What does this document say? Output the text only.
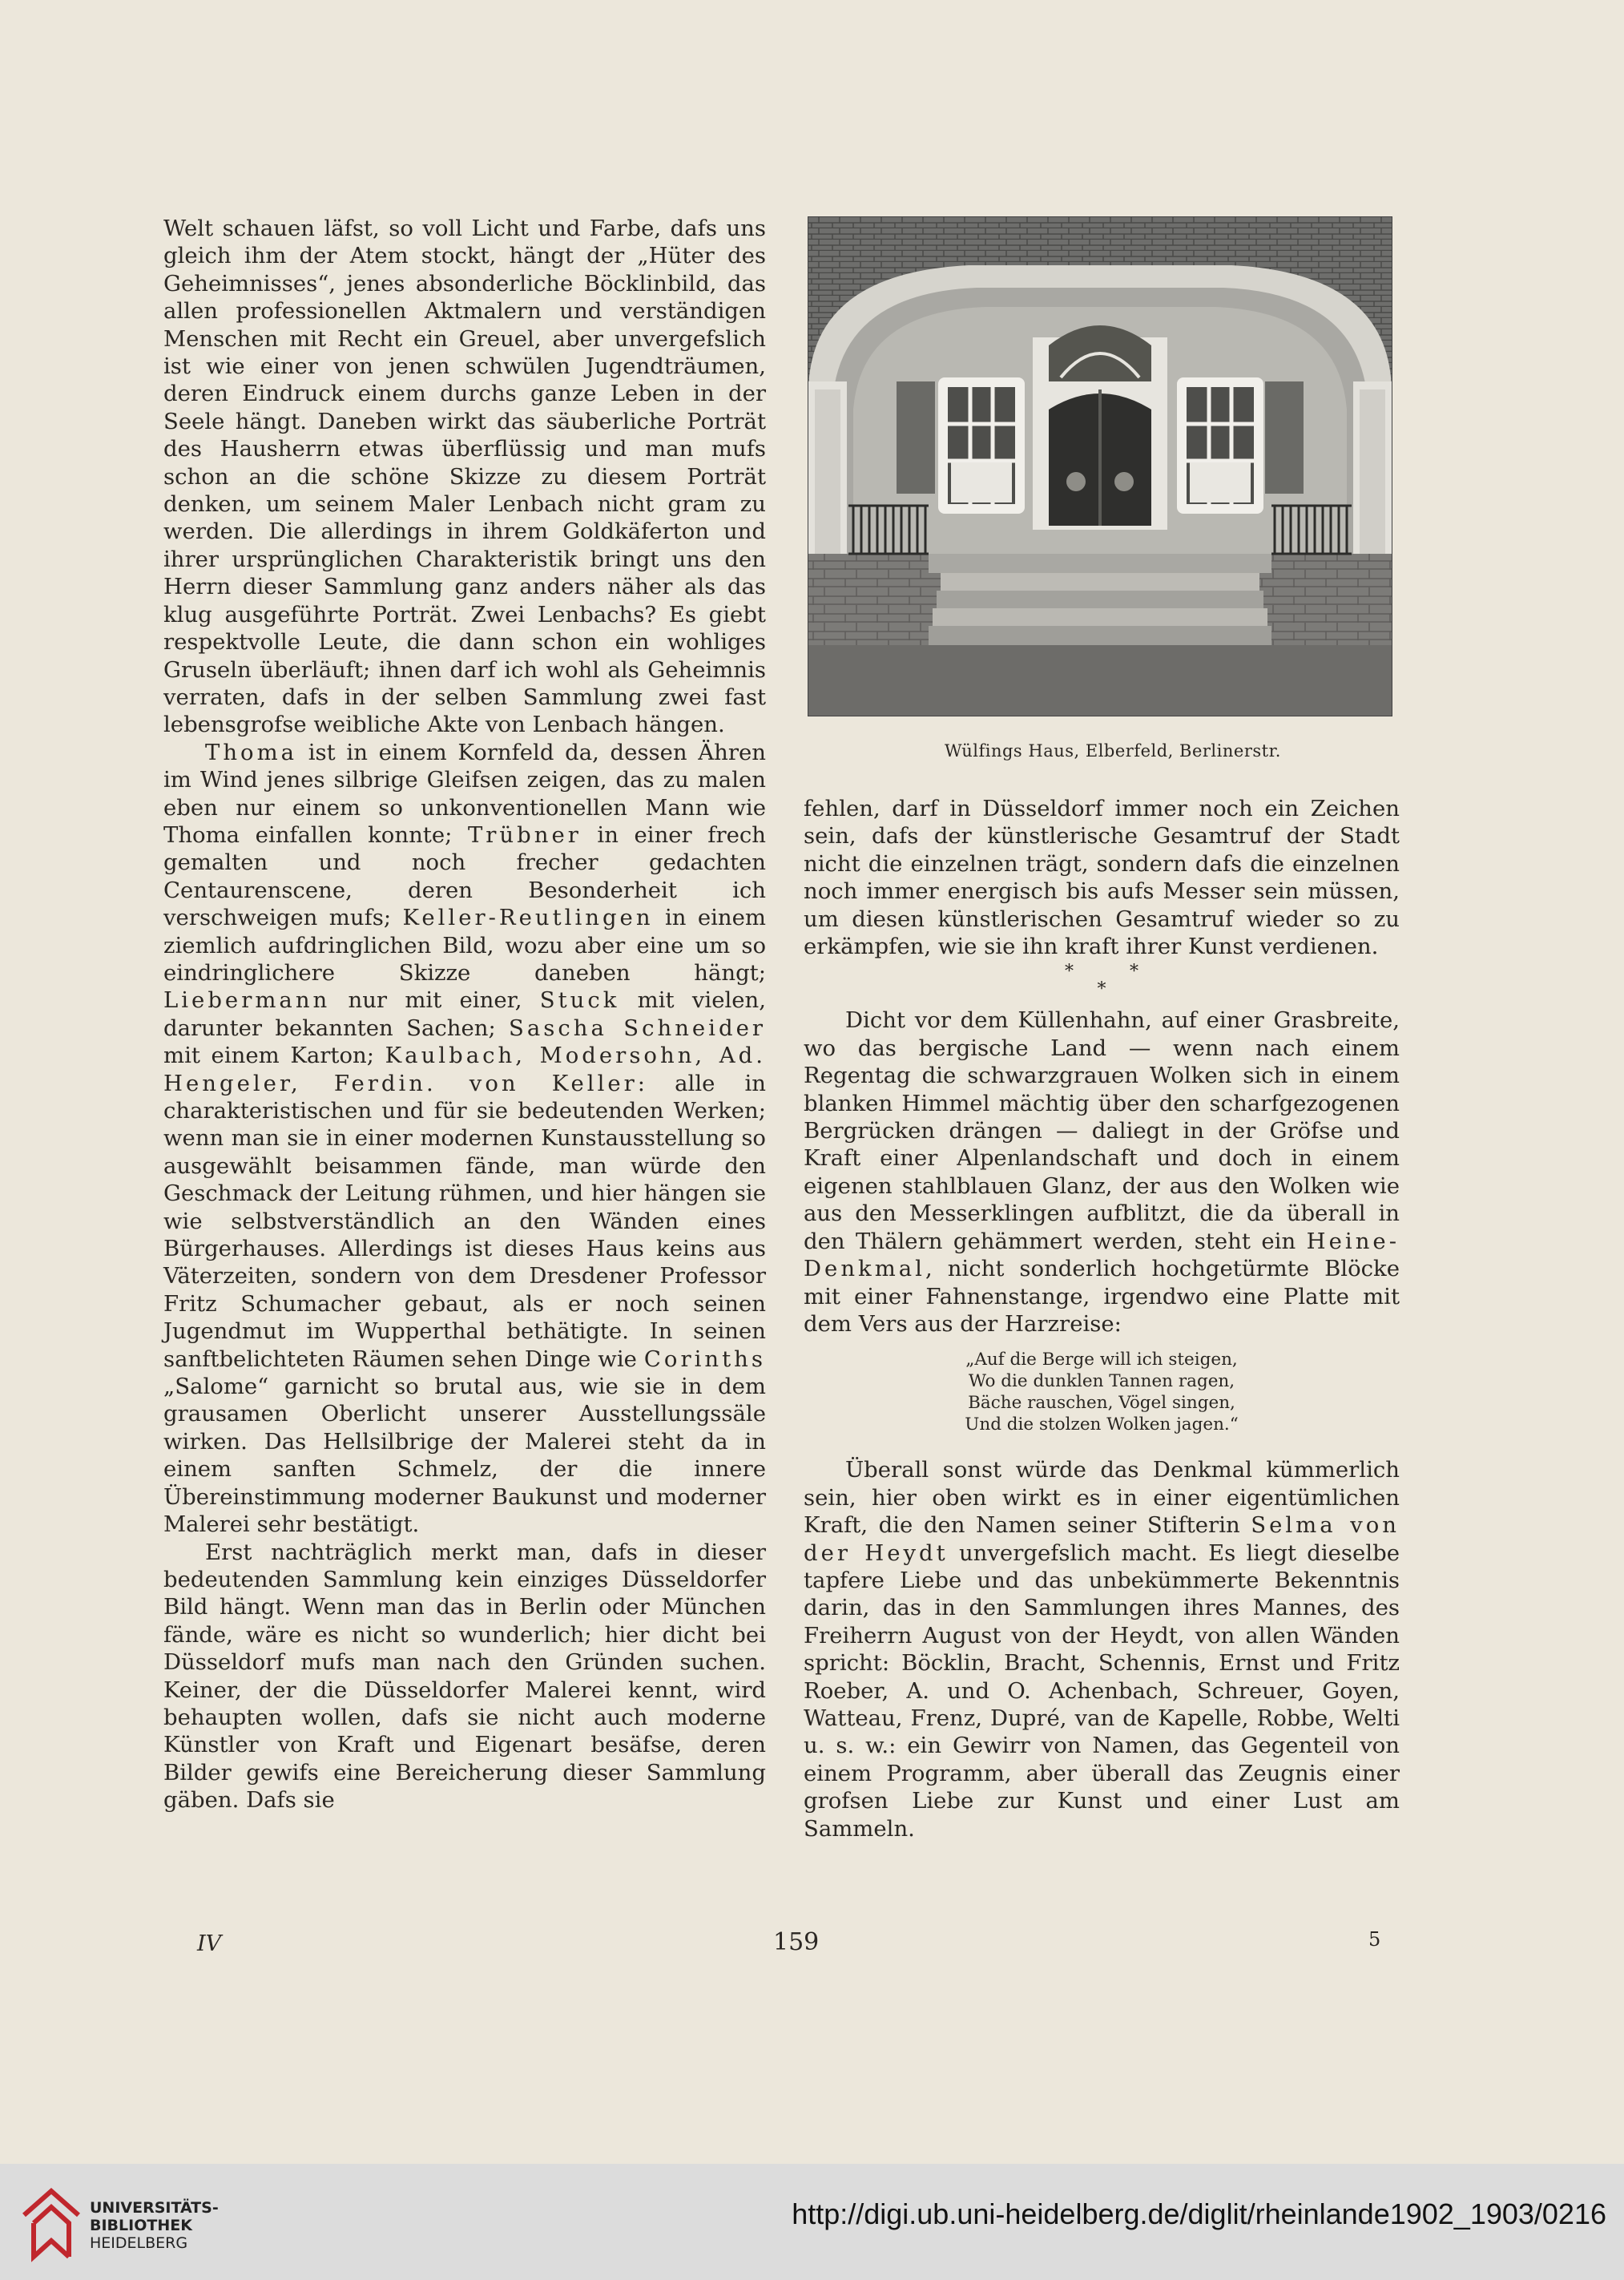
Welt schauen läfst, so voll Licht und Farbe, dafs uns gleich ihm der Atem stockt, hängt der „Hüter des Geheimnisses“, jenes absonderliche Böcklinbild, das allen professionellen Aktmalern und verständigen Menschen mit Recht ein Greuel, aber unvergefslich ist wie einer von jenen schwülen Jugendträumen, deren Eindruck einem durchs ganze Leben in der Seele hängt. Daneben wirkt das säuberliche Porträt des Hausherrn etwas überflüssig und man mufs schon an die schöne Skizze zu diesem Porträt denken, um seinem Maler Lenbach nicht gram zu werden. Die allerdings in ihrem Goldkäferton und ihrer ursprünglichen Charakteristik bringt uns den Herrn dieser Sammlung ganz anders näher als das klug ausgeführte Porträt. Zwei Lenbachs? Es giebt respektvolle Leute, die dann schon ein wohliges Gruseln überläuft; ihnen darf ich wohl als Geheimnis verraten, dafs in der selben Sammlung zwei fast lebensgrofse weibliche Akte von Lenbach hängen.

Thoma ist in einem Kornfeld da, dessen Ähren im Wind jenes silbrige Gleifsen zeigen, das zu malen eben nur einem so unkonventionellen Mann wie Thoma einfallen konnte; Trübner in einer frech gemalten und noch frecher gedachten Centaurenscene, deren Besonderheit ich verschweigen mufs; Keller-Reutlingen in einem ziemlich aufdringlichen Bild, wozu aber eine um so eindringlichere Skizze daneben hängt; Liebermann nur mit einer, Stuck mit vielen, darunter bekannten Sachen; Sascha Schneider mit einem Karton; Kaulbach, Modersohn, Ad. Hengeler, Ferdin. von Keller: alle in charakteristischen und für sie bedeutenden Werken; wenn man sie in einer modernen Kunstausstellung so ausgewählt beisammen fände, man würde den Geschmack der Leitung rühmen, und hier hängen sie wie selbstverständlich an den Wänden eines Bürgerhauses. Allerdings ist dieses Haus keins aus Väterzeiten, sondern von dem Dresdener Professor Fritz Schumacher gebaut, als er noch seinen Jugendmut im Wupperthal bethätigte. In seinen sanftbelichteten Räumen sehen Dinge wie Corinths „Salome“ garnicht so brutal aus, wie sie in dem grausamen Oberlicht unserer Ausstellungssäle wirken. Das Hellsilbrige der Malerei steht da in einem sanften Schmelz, der die innere Übereinstimmung moderner Baukunst und moderner Malerei sehr bestätigt.

Erst nachträglich merkt man, dafs in dieser bedeutenden Sammlung kein einziges Düsseldorfer Bild hängt. Wenn man das in Berlin oder München fände, wäre es nicht so wunderlich; hier dicht bei Düsseldorf mufs man nach den Gründen suchen. Keiner, der die Düsseldorfer Malerei kennt, wird behaupten wollen, dafs sie nicht auch moderne Künstler von Kraft und Eigenart besäfse, deren Bilder gewifs eine Bereicherung dieser Sammlung gäben. Dafs sie

Wülfings Haus, Elberfeld, Berlinerstr.

fehlen, darf in Düsseldorf immer noch ein Zeichen sein, dafs der künstlerische Gesamtruf der Stadt nicht die einzelnen trägt, sondern dafs die einzelnen noch immer energisch bis aufs Messer sein müssen, um diesen künstlerischen Gesamtruf wieder so zu erkämpfen, wie sie ihn kraft ihrer Kunst verdienen.

*          *
*

Dicht vor dem Küllenhahn, auf einer Grasbreite, wo das bergische Land — wenn nach einem Regentag die schwarzgrauen Wolken sich in einem blanken Himmel mächtig über den scharfgezogenen Bergrücken drängen — daliegt in der Gröfse und Kraft einer Alpenlandschaft und doch in einem eigenen stahlblauen Glanz, der aus den Wolken wie aus den Messerklingen aufblitzt, die da überall in den Thälern gehämmert werden, steht ein Heine-Denkmal, nicht sonderlich hochgetürmte Blöcke mit einer Fahnenstange, irgendwo eine Platte mit dem Vers aus der Harzreise:

„Auf die Berge will ich steigen,
Wo die dunklen Tannen ragen,
Bäche rauschen, Vögel singen,
Und die stolzen Wolken jagen.“

Überall sonst würde das Denkmal kümmerlich sein, hier oben wirkt es in einer eigentümlichen Kraft, die den Namen seiner Stifterin Selma von der Heydt unvergefslich macht. Es liegt dieselbe tapfere Liebe und das unbekümmerte Bekenntnis darin, das in den Sammlungen ihres Mannes, des Freiherrn August von der Heydt, von allen Wänden spricht: Böcklin, Bracht, Schennis, Ernst und Fritz Roeber, A. und O. Achenbach, Schreuer, Goyen, Watteau, Frenz, Dupré, van de Kapelle, Robbe, Welti u. s. w.: ein Gewirr von Namen, das Gegenteil von einem Programm, aber überall das Zeugnis einer grofsen Liebe zur Kunst und einer Lust am Sammeln.

IV	159	5
UNIVERSITÄTS-
BIBLIOTHEK
HEIDELBERG
http://digi.ub.uni-heidelberg.de/diglit/rheinlande1902_1903/0216
